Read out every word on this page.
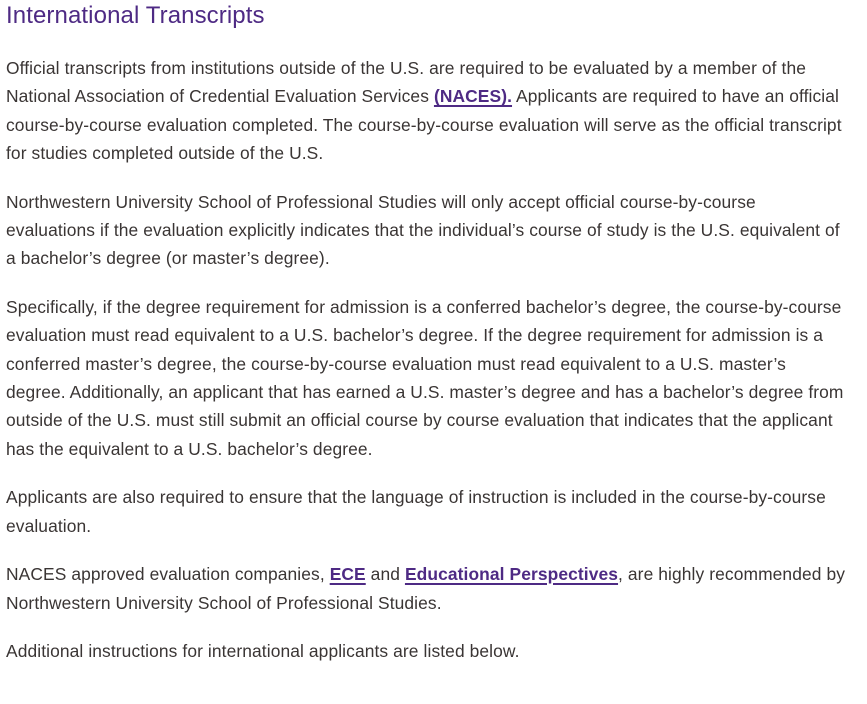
International Transcripts

Official transcripts from institutions outside of the U.S. are required to be evaluated by a member of the National Association of Credential Evaluation Services (NACES). Applicants are required to have an official course-by-course evaluation completed. The course-by-course evaluation will serve as the official transcript for studies completed outside of the U.S.

Northwestern University School of Professional Studies will only accept official course-by-course evaluations if the evaluation explicitly indicates that the individual’s course of study is the U.S. equivalent of a bachelor’s degree (or master’s degree).

Specifically, if the degree requirement for admission is a conferred bachelor’s degree, the course-by-course evaluation must read equivalent to a U.S. bachelor’s degree. If the degree requirement for admission is a conferred master’s degree, the course-by-course evaluation must read equivalent to a U.S. master’s degree. Additionally, an applicant that has earned a U.S. master’s degree and has a bachelor’s degree from outside of the U.S. must still submit an official course by course evaluation that indicates that the applicant has the equivalent to a U.S. bachelor’s degree.

Applicants are also required to ensure that the language of instruction is included in the course-by-course evaluation.

NACES approved evaluation companies, ECE and Educational Perspectives, are highly recommended by Northwestern University School of Professional Studies.

Additional instructions for international applicants are listed below.
